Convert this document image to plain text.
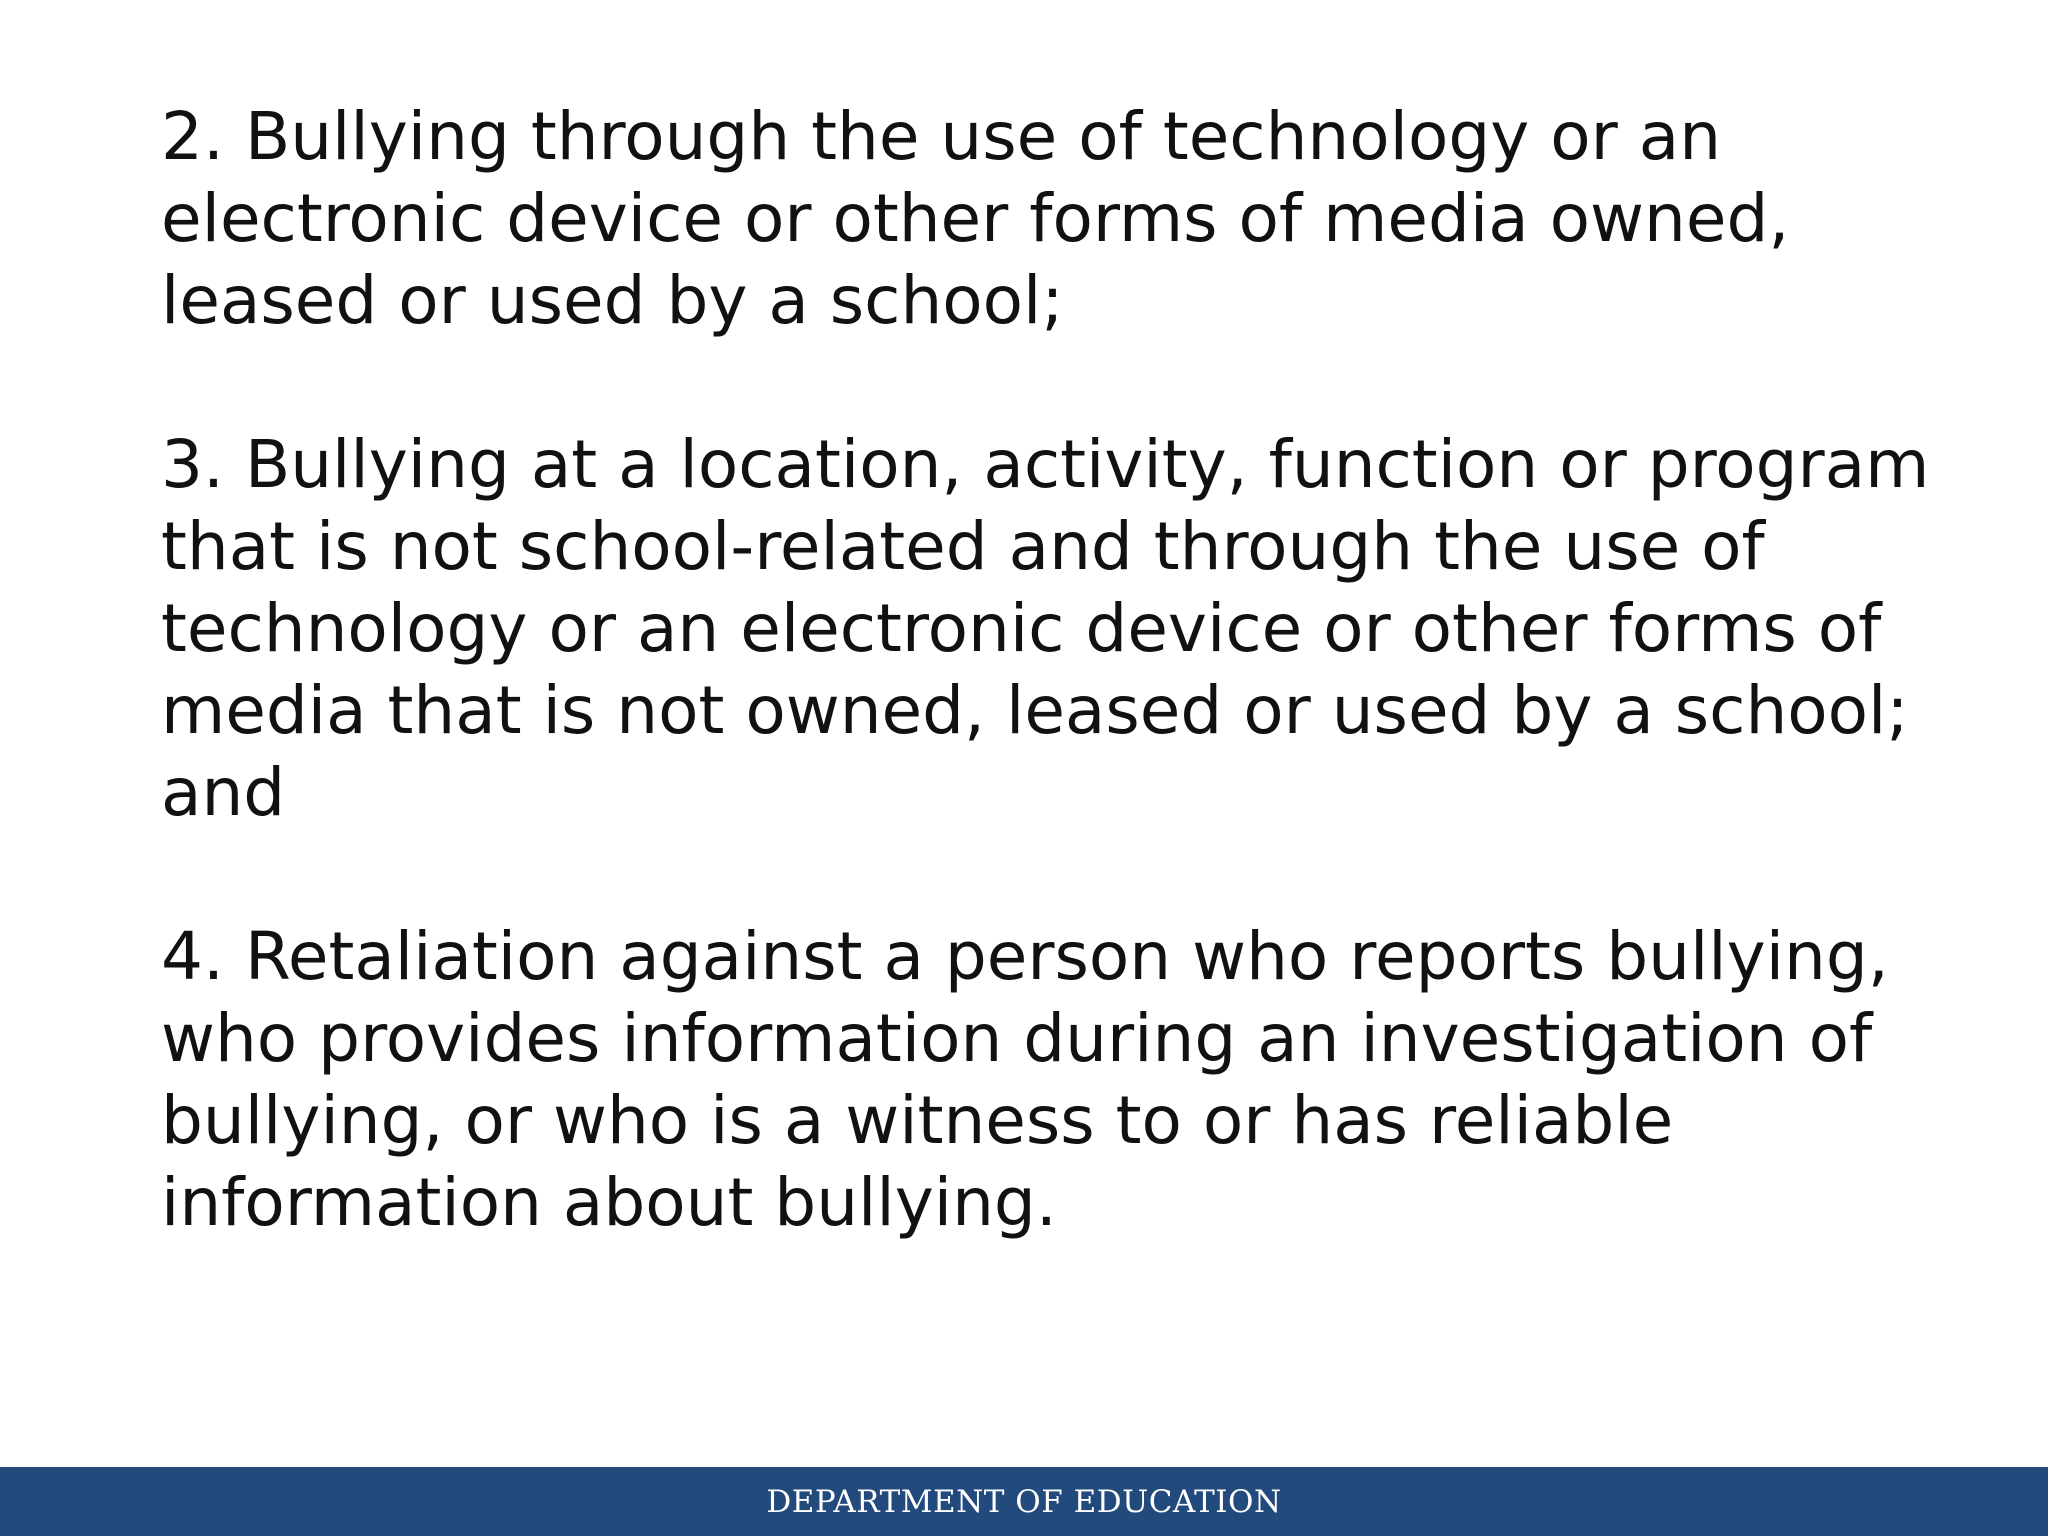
2. Bullying through the use of technology or an
electronic device or other forms of media owned,
leased or used by a school;

3. Bullying at a location, activity, function or program
that is not school-related and through the use of
technology or an electronic device or other forms of
media that is not owned, leased or used by a school;
and

4. Retaliation against a person who reports bullying,
who provides information during an investigation of
bullying, or who is a witness to or has reliable
information about bullying.

DEPARTMENT OF EDUCATION
